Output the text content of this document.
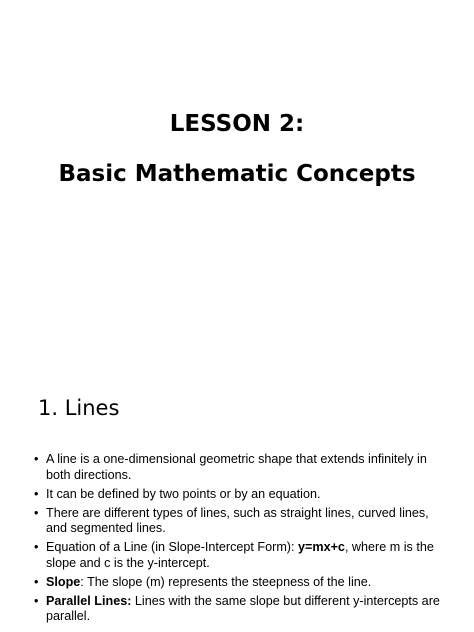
LESSON 2:
Basic Mathematic Concepts
1. Lines
• A line is a one-dimensional geometric shape that extends infinitely in both directions.
• It can be defined by two points or by an equation.
• There are different types of lines, such as straight lines, curved lines, and segmented lines.
• Equation of a Line (in Slope-Intercept Form): y=mx+c, where m is the slope and c is the y-intercept.
• Slope: The slope (m) represents the steepness of the line.
• Parallel Lines: Lines with the same slope but different y-intercepts are parallel.
